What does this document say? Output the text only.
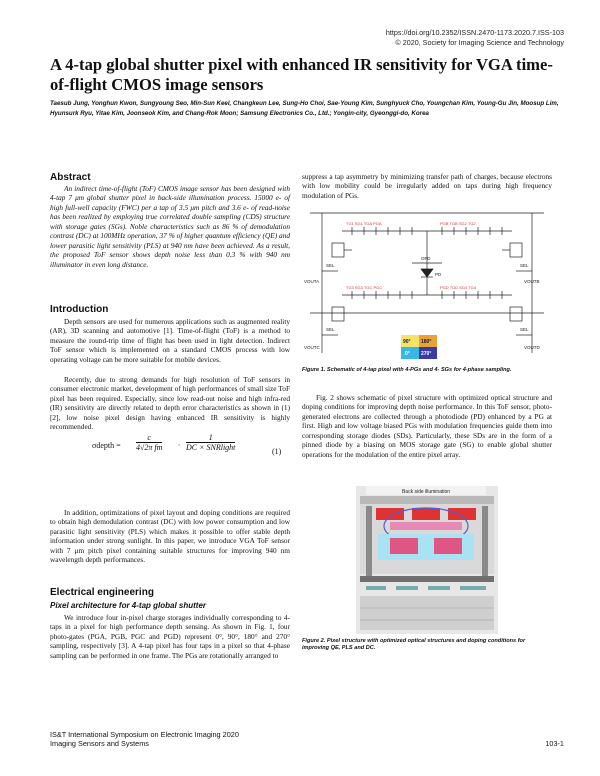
https://doi.org/10.2352/ISSN.2470-1173.2020.7.ISS-103
© 2020, Society for Imaging Science and Technology
A 4-tap global shutter pixel with enhanced IR sensitivity for VGA time-of-flight CMOS image sensors
Taesub Jung, Yonghun Kwon, Sungyoung Seo, Min-Sun Keel, Changkeun Lee, Sung-Ho Choi, Sae-Young Kim, Sunghyuck Cho, Youngchan Kim, Young-Gu Jin, Moosup Lim, Hyunsurk Ryu, Yitae Kim, Joonseok Kim, and Chang-Rok Moon; Samsung Electronics Co., Ltd.; Yongin-city, Gyeonggi-do, Korea
Abstract
An indirect time-of-flight (ToF) CMOS image sensor has been designed with 4-tap 7 μm global shutter pixel in back-side illumination process. 15000 e- of high full-well capacity (FWC) per a tap of 3.5 μm pitch and 3.6 e- of read-noise has been realized by employing true correlated double sampling (CDS) structure with storage gates (SGs). Noble characteristics such as 86 % of demodulation contrast (DC) at 100MHz operation, 37 % of higher quantum efficiency (QE) and lower parasitic light sensitivity (PLS) at 940 nm have been achieved. As a result, the proposed ToF sensor shows depth noise less than 0.3 % with 940 nm illuminator in even long distance.
Introduction
Depth sensors are used for numerous applications such as augmented reality (AR), 3D scanning and automotive [1]. Time-of-flight (ToF) is a method to measure the round-trip time of flight has been used in light detection. Indirect ToF sensor which is implemented on a standard CMOS process with low operating voltage can be more suitable for mobile devices.
Recently, due to strong demands for high resolution of ToF sensors in consumer electronic market, development of high performances of small size ToF pixel has been required. Especially, since low read-out noise and high infra-red (IR) sensitivity are directly related to depth error characteristics as shown in (1) [2], low noise pixel design having enhanced IR sensitivity is highly recommended.
σdepth = $\frac{c}{\text{4√2π fm}}$ ·
1
DC × SNRlight	(1)
In addition, optimizations of pixel layout and doping conditions are required to obtain high demodulation contrast (DC) with low power consumption and low parasitic light sensitivity (PLS) which makes it possible to offer stable depth information under strong sunlight. In this paper, we introduce VGA ToF sensor with 7 μm pitch pixel containing suitable structures for improving 940 nm wavelength depth performances.
Electrical engineering
Pixel architecture for 4-tap global shutter
We introduce four in-pixel charge storages individually corresponding to 4-taps in a pixel for high performance depth sensing. As shown in Fig. 1, four photo-gates (PGA, PGB, PGC and PGD) represent 0°, 90°, 180° and 270° sampling, respectively [3]. A 4-tap pixel has four taps in a pixel so that 4-phase sampling can be performed in one frame. The PGs are rotationally arranged to
suppress a tap asymmetry by minimizing transfer path of charges, because electrons with low mobility could be irregularly added on taps during high frequency modulation of PGs.
TG1 SG1 TGA PGA	PGB TGB SG2 TG2
TG3 SG3 TGC PGC	PGD TGD SG4 TG4
VOUTA	VOUTB
VOUTC	VOUTD
SEL	SEL
SEL	SEL
OFD
PD
90° 180°
0° 270°
Figure 1. Schematic of 4-tap pixel with 4-PGs and 4- SGs for 4-phase sampling.
Fig. 2 shows schematic of pixel structure with optimized optical structure and doping conditions for improving depth noise performance. In this ToF sensor, photo-generated electrons are collected through a photodiode (PD) enhanced by a PG at first. High and low voltage biased PGs with modulation frequencies guide them into corresponding storage diodes (SDs). Particularly, these SDs are in the form of a pinned diode by a biasing on MOS storage gate (SG) to enable global shutter operations for the modulation of the entire pixel array.
Back side illumination
Figure 2. Pixel structure with optimized optical structures and doping conditions for improving QE, PLS and DC.
IS&T International Symposium on Electronic Imaging 2020
Imaging Sensors and Systems	103-1
